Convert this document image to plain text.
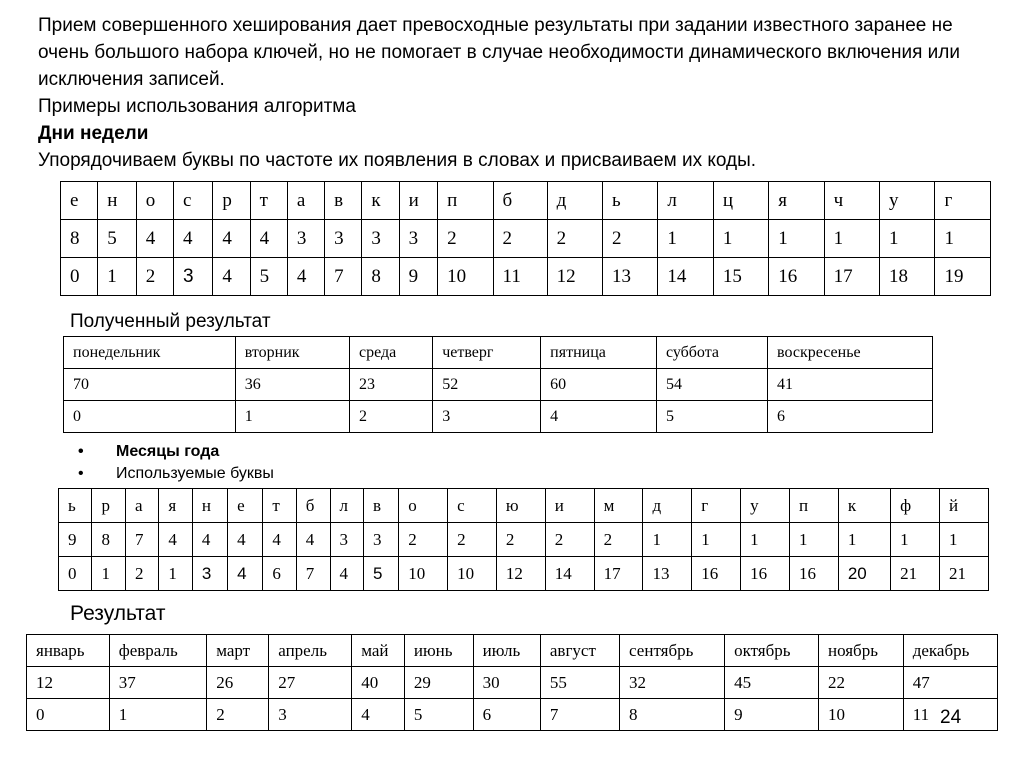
Прием совершенного хеширования дает превосходные результаты при задании известного заранее не очень большого набора ключей, но не помогает в случае необходимости динамического включения или исключения записей.

Примеры использования алгоритма

Дни недели

Упорядочиваем буквы по частоте их появления в словах и присваиваем их коды.

е	н	о	с	р	т	а	в	к	и	п	б	д	ь	л	ц	я	ч	у	г
8	5	4	4	4	4	3	3	3	3	2	2	2	2	1	1	1	1	1	1
0	1	2	3	4	5	4	7	8	9	10	11	12	13	14	15	16	17	18	19
Полученный результат
понедельник	вторник	среда	четверг	пятница	суббота	воскресенье
70	36	23	52	60	54	41
0	1	2	3	4	5	6
• Месяцы года
• Используемые буквы
ь	р	а	я	н	е	т	б	л	в	о	с	ю	и	м	д	г	у	п	к	ф	й
9	8	7	4	4	4	4	4	3	3	2	2	2	2	2	1	1	1	1	1	1	1
0	1	2	1	3	4	6	7	4	5	10	10	12	14	17	13	16	16	16	20	21	21
Результат
январь	февраль	март	апрель	май	июнь	июль	август	сентябрь	октябрь	ноябрь	декабрь
12	37	26	27	40	29	30	55	32	45	22	47
0	1	2	3	4	5	6	7	8	9	10	11 24
